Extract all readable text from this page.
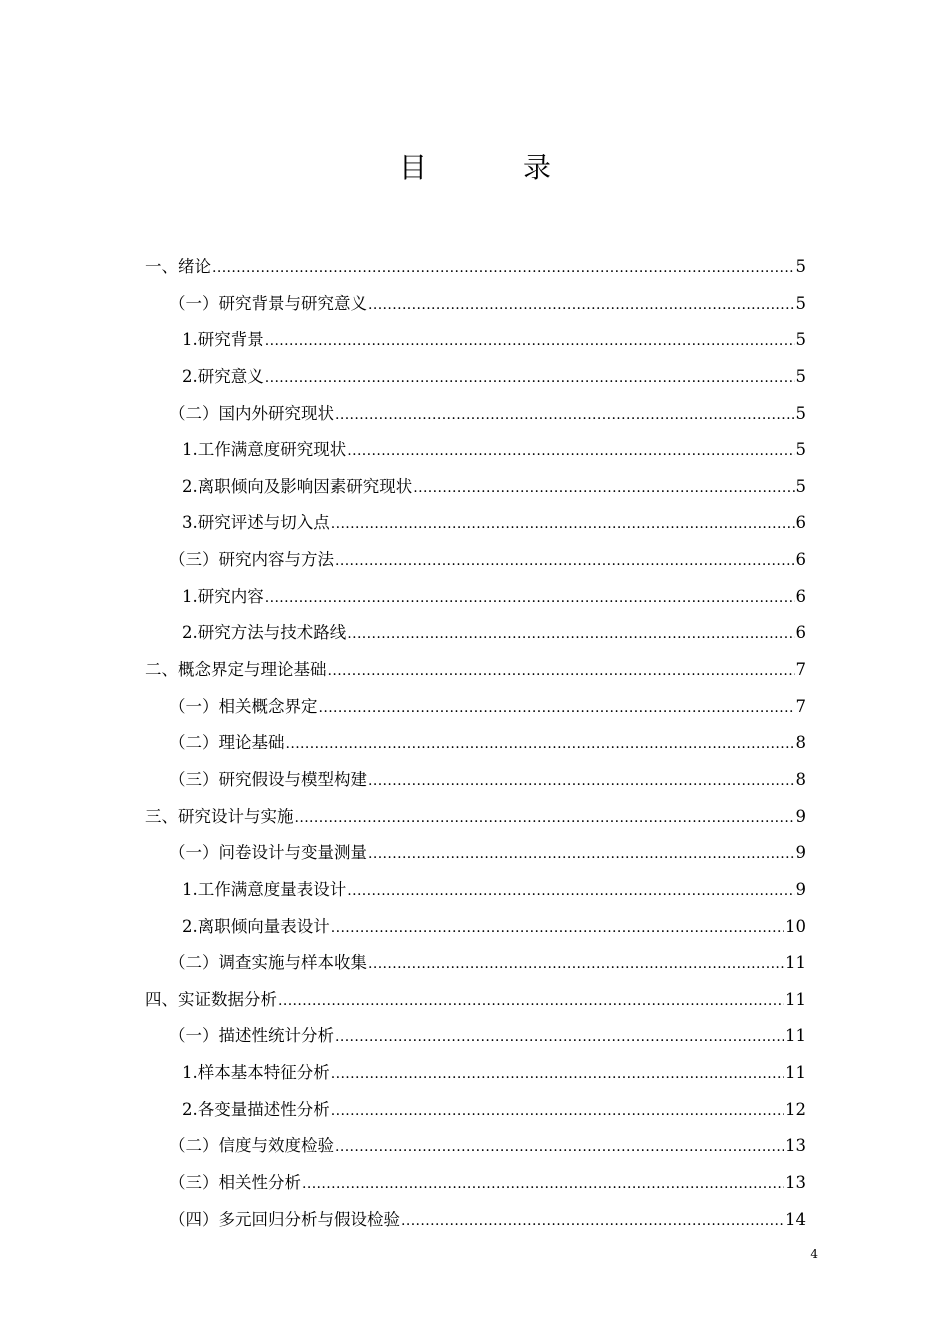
目　录
一、绪论 .....	5
（一）研究背景与研究意义 .....	5
1.研究背景 .....	5
2.研究意义 .....	5
（二）国内外研究现状 .....	5
1.工作满意度研究现状 .....	5
2.离职倾向及影响因素研究现状 .....	5
3.研究评述与切入点 .....	6
（三）研究内容与方法 .....	6
1.研究内容 .....	6
2.研究方法与技术路线 .....	6
二、概念界定与理论基础 .....	7
（一）相关概念界定 .....	7
（二）理论基础 .....	8
（三）研究假设与模型构建 .....	8
三、研究设计与实施 .....	9
（一）问卷设计与变量测量 .....	9
1.工作满意度量表设计 .....	9
2.离职倾向量表设计 .....	10
（二）调查实施与样本收集 .....	11
四、实证数据分析 .....	11
（一）描述性统计分析 .....	11
1.样本基本特征分析 .....	11
2.各变量描述性分析 .....	12
（二）信度与效度检验 .....	13
（三）相关性分析 .....	13
（四）多元回归分析与假设检验 .....	14
4
